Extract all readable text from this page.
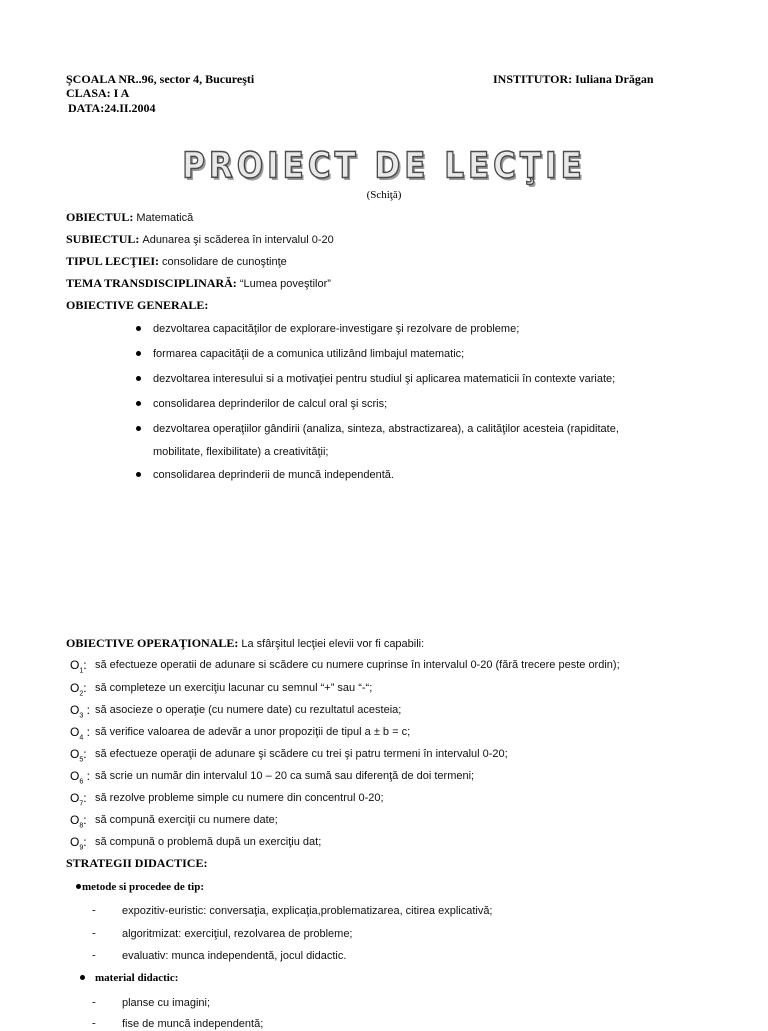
ŞCOALA NR..96, sector 4, Bucureşti
CLASA: I A
DATA:24.II.2004
INSTITUTOR: Iuliana Drăgan
PROIECT DE LECŢIE
(Schiţă)
OBIECTUL: Matematică
SUBIECTUL: Adunarea şi scăderea în intervalul 0-20
TIPUL LECŢIEI: consolidare de cunoştinţe
TEMA TRANSDISCIPLINARĂ: “Lumea poveştilor”
OBIECTIVE GENERALE:
dezvoltarea capacităţilor de explorare-investigare şi rezolvare de probleme;
formarea capacităţii de a comunica utilizând limbajul matematic;
dezvoltarea interesului si a motivaţiei pentru studiul şi aplicarea matematicii în contexte variate;
consolidarea deprinderilor de calcul oral şi scris;
dezvoltarea operaţiilor gândirii (analiza, sinteza, abstractizarea), a calităţilor acesteia (rapiditate,
mobilitate, flexibilitate) a creativităţii;
consolidarea deprinderii de muncă independentă.
OBIECTIVE OPERAŢIONALE: La sfârşitul lecţiei elevii vor fi capabili:
$O_1$: să efectueze operatii de adunare si scădere cu numere cuprinse în intervalul 0-20 (fără trecere peste ordin);
$O_2$: să completeze un exerciţiu lacunar cu semnul “+” sau “-“;
$O_3$ : să asocieze o operaţie (cu numere date) cu rezultatul acesteia;
$O_4$ : să verifice valoarea de adevăr a unor propoziţii de tipul a ± b = c;
$O_5$: să efectueze operaţii de adunare şi scădere cu trei şi patru termeni în intervalul 0-20;
$O_6$ : să scrie un număr din intervalul 10 – 20 ca sumă sau diferenţă de doi termeni;
$O_7$: să rezolve probleme simple cu numere din concentrul 0-20;
$O_8$: să compună exerciţii cu numere date;
$O_9$: să compună o problemă după un exerciţiu dat;
STRATEGII DIDACTICE:
metode si procedee de tip:
- expozitiv-euristic: conversaţia, explicaţia,problematizarea, citirea explicativă;
- algoritmizat: exerciţiul, rezolvarea de probleme;
- evaluativ: munca independentă, jocul didactic.
material didactic:
- planse cu imagini;
- fise de muncă independentă;
